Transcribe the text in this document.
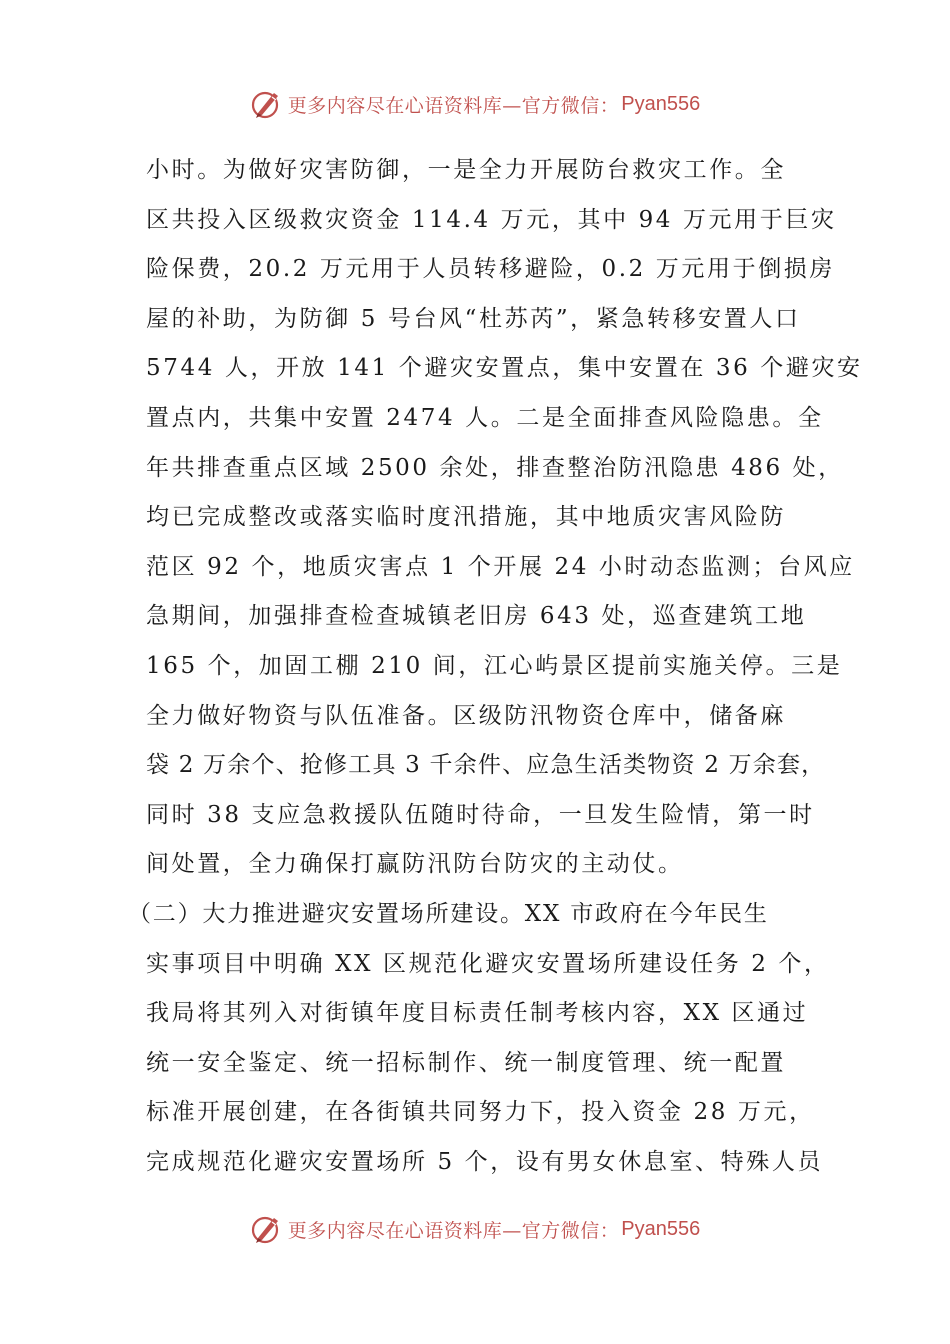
更多内容尽在心语资料库 —官方微信： Pyan556
小时。为做好灾害防御，一是全力开展防台救灾工作。全
区共投入区级救灾资金 114.4 万元，其中 94 万元用于巨灾
险保费，20.2 万元用于人员转移避险，0.2 万元用于倒损房
屋的补助，为防御 5 号台风“杜苏芮”，紧急转移安置人口
5744 人，开放 141 个避灾安置点，集中安置在 36 个避灾安
置点内，共集中安置 2474 人。二是全面排查风险隐患。全
年共排查重点区域 2500 余处，排查整治防汛隐患 486 处，
均已完成整改或落实临时度汛措施，其中地质灾害风险防
范区 92 个，地质灾害点 1 个开展 24 小时动态监测；台风应
急期间，加强排查检查城镇老旧房 643 处，巡查建筑工地
165 个，加固工棚 210 间，江心屿景区提前实施关停。三是
全力做好物资与队伍准备。区级防汛物资仓库中，储备麻
袋 2 万余个、抢修工具 3 千余件、应急生活类物资 2 万余套，
同时 38 支应急救援队伍随时待命，一旦发生险情，第一时
间处置，全力确保打赢防汛防台防灾的主动仗。
（二）大力推进避灾安置场所建设。XX 市政府在今年民生
实事项目中明确 XX 区规范化避灾安置场所建设任务 2 个，
我局将其列入对街镇年度目标责任制考核内容，XX 区通过
统一安全鉴定、统一招标制作、统一制度管理、统一配置
标准开展创建，在各街镇共同努力下，投入资金 28 万元，
完成规范化避灾安置场所 5 个，设有男女休息室、特殊人员
更多内容尽在心语资料库 —官方微信： Pyan556
